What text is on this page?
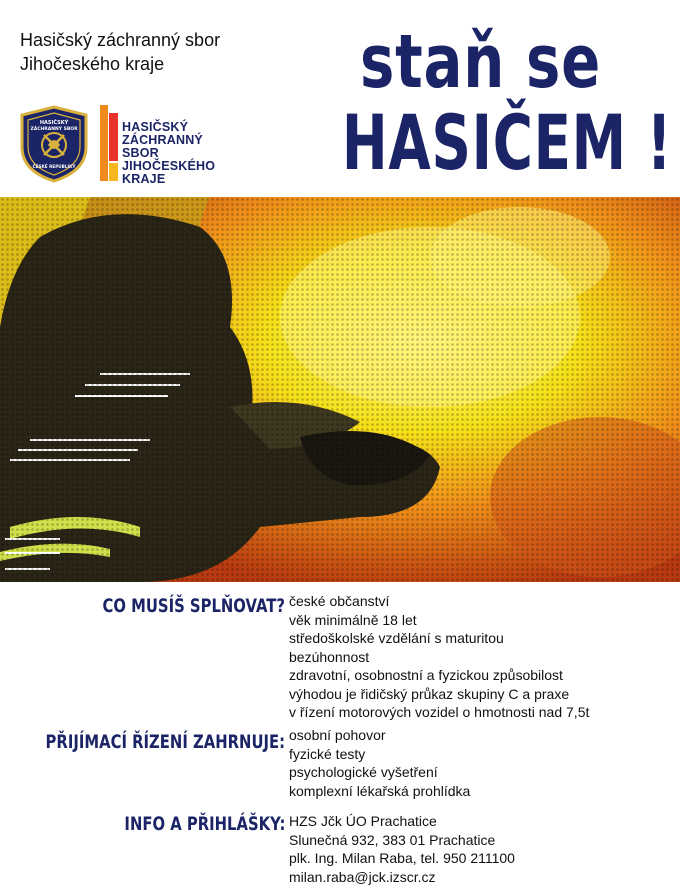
Hasičský záchranný sbor
Jihočeského kraje
HASIČSKÝ
ZÁCHRANNÝ SBOR
ČESKÉ REPUBLIKY
HASIČSKÝ
ZÁCHRANNÝ
SBOR
JIHOČESKÉHO
KRAJE
staň se
HASIČEM !
CO MUSÍŠ SPLŇOVAT? české občanství
věk minimálně 18 let
středoškolské vzdělání s maturitou
bezúhonnost
zdravotní, osobnostní a fyzickou způsobilost
výhodou je řidičský průkaz skupiny C a praxe
v řízení motorových vozidel o hmotnosti nad 7,5t
PŘIJÍMACÍ ŘÍZENÍ ZAHRNUJE: osobní pohovor
fyzické testy
psychologické vyšetření
komplexní lékařská prohlídka
INFO A PŘIHLÁŠKY: HZS Jčk ÚO Prachatice
Slunečná 932, 383 01 Prachatice
plk. Ing. Milan Raba, tel. 950 211100
milan.raba@jck.izscr.cz
